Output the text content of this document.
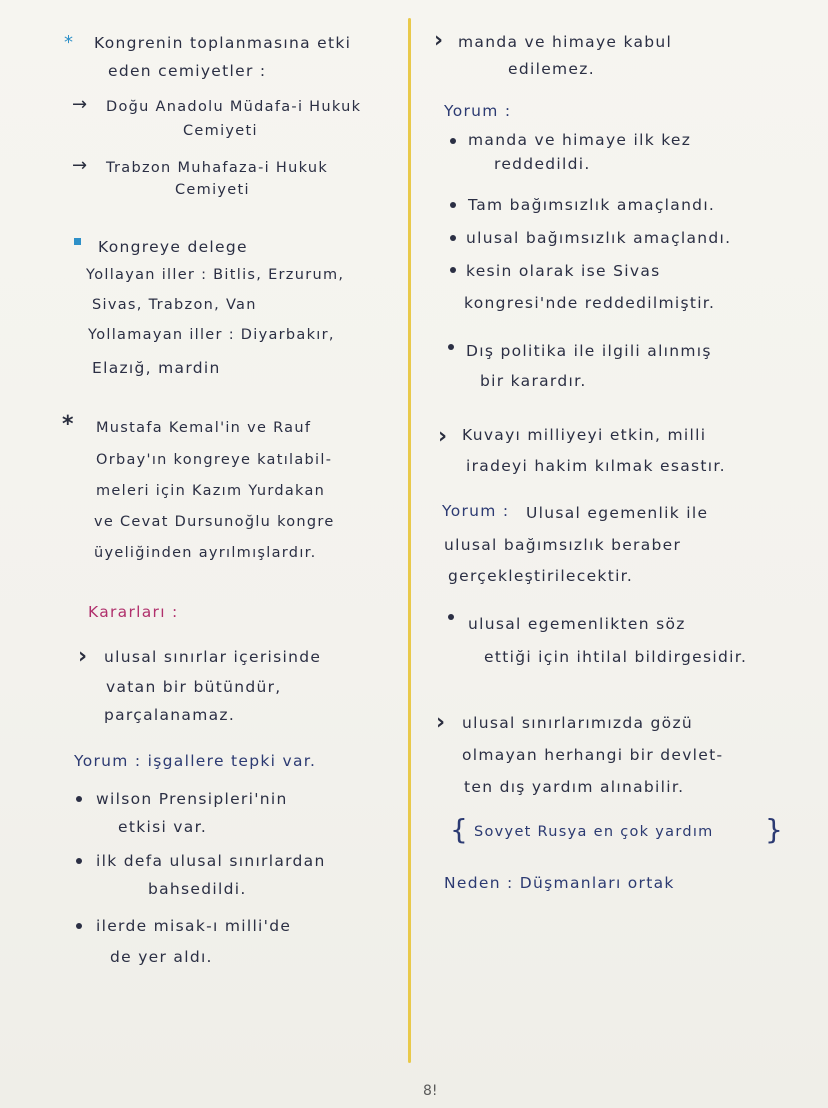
* Kongrenin toplanmasına etki
eden cemiyetler :
→ Doğu Anadolu Müdafa-i Hukuk
Cemiyeti
→ Trabzon Muhafaza-i Hukuk
Cemiyeti
Kongreye delege
Yollayan iller : Bitlis, Erzurum,
Sivas, Trabzon, Van
Yollamayan iller : Diyarbakır,
Elazığ, mardin
* Mustafa Kemal'in ve Rauf
Orbay'ın kongreye katılabil-
meleri için Kazım Yurdakan
ve Cevat Dursunoğlu kongre
üyeliğinden ayrılmışlardır.
Kararları :
› ulusal sınırlar içerisinde
vatan bir bütündür,
parçalanamaz.
Yorum : işgallere tepki var.
wilson Prensipleri'nin
etkisi var.
ilk defa ulusal sınırlardan
bahsedildi.
ilerde misak-ı milli'de
de yer aldı.
› manda ve himaye kabul
edilemez.
Yorum :
manda ve himaye ilk kez
reddedildi.
Tam bağımsızlık amaçlandı.
ulusal bağımsızlık amaçlandı.
kesin olarak ise Sivas
kongresi'nde reddedilmiştir.
Dış politika ile ilgili alınmış
bir karardır.
› Kuvayı milliyeyi etkin, milli
iradeyi hakim kılmak esastır.
Yorum : Ulusal egemenlik ile
ulusal bağımsızlık beraber
gerçekleştirilecektir.
ulusal egemenlikten söz
ettiği için ihtilal bildirgesidir.
› ulusal sınırlarımızda gözü
olmayan herhangi bir devlet-
ten dış yardım alınabilir.
{ Sovyet Rusya en çok yardım }
Neden : Düşmanları ortak
8!
